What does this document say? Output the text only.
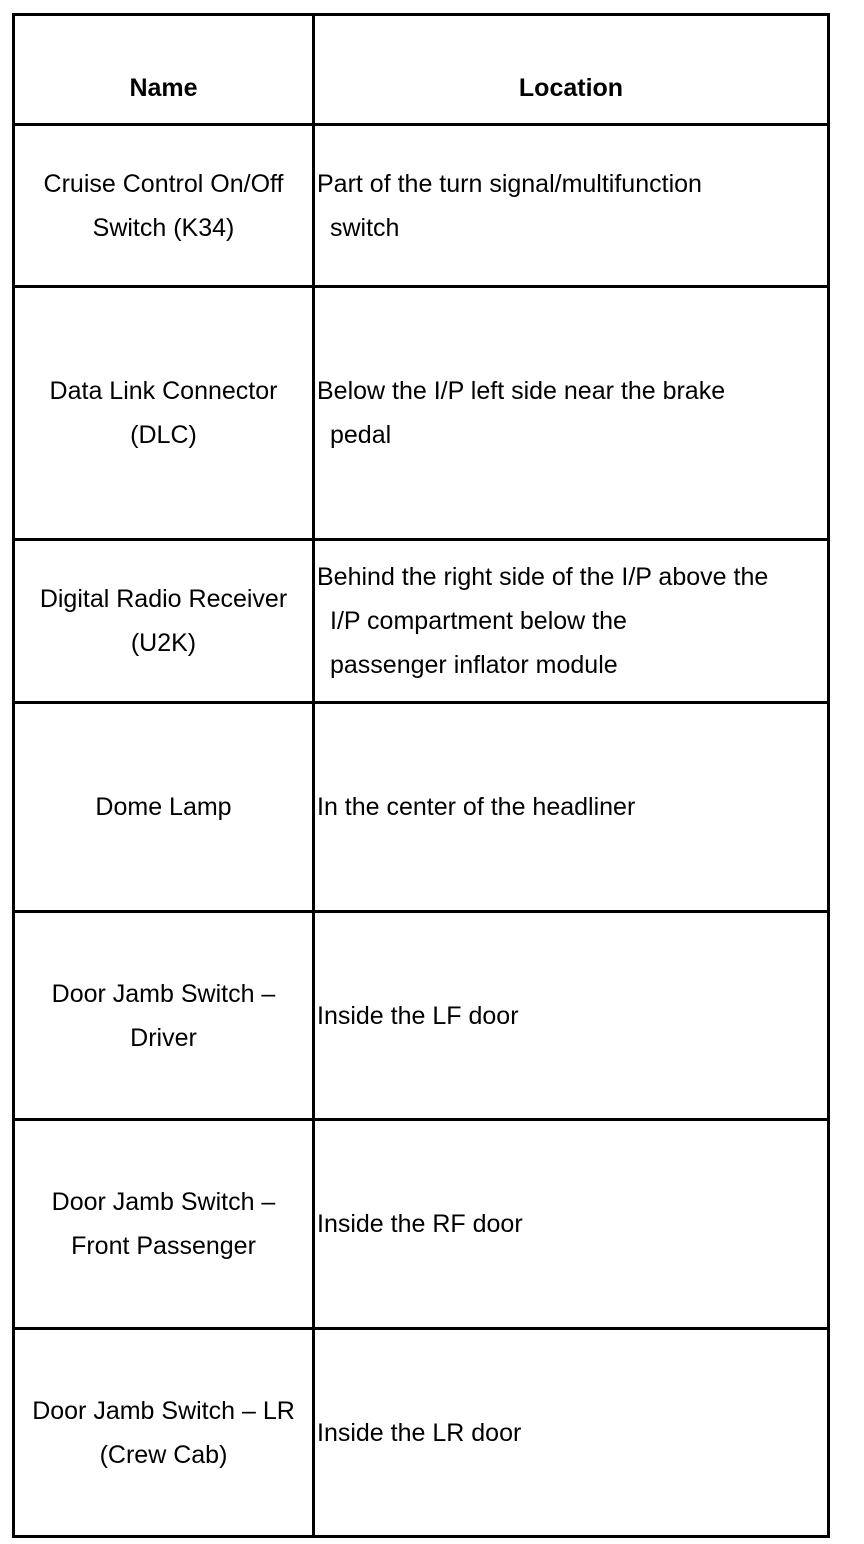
Name	Location

Cruise Control On/Off
Switch (K34)	Part of the turn signal/multifunction
switch

Data Link Connector
(DLC)	Below the I/P left side near the brake
pedal

Digital Radio Receiver
(U2K)	Behind the right side of the I/P above the
I/P compartment below the
passenger inflator module

Dome Lamp	In the center of the headliner

Door Jamb Switch –
Driver	Inside the LF door

Door Jamb Switch –
Front Passenger	Inside the RF door

Door Jamb Switch – LR
(Crew Cab)	Inside the LR door
